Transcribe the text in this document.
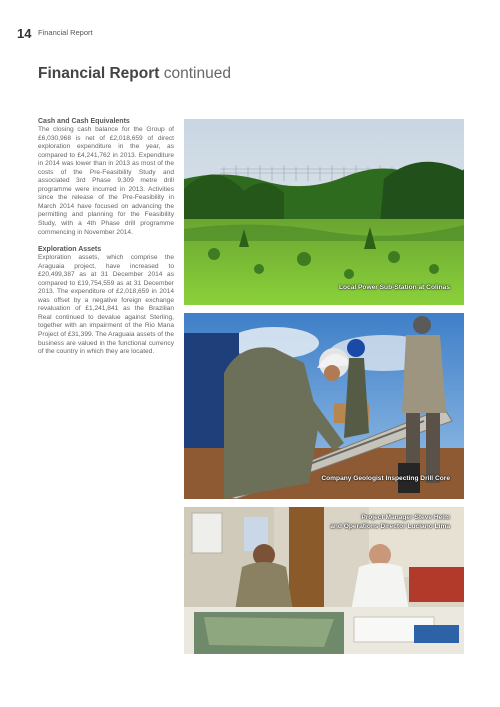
14 Financial Report
Financial Report continued
Cash and Cash Equivalents

The closing cash balance for the Group of £6,030,968 is net of £2,018,659 of direct exploration expenditure in the year, as compared to £4,241,762 in 2013. Expenditure in 2014 was lower than in 2013 as most of the costs of the Pre-Feasibility Study and associated 3rd Phase 9,309 metre drill programme were incurred in 2013. Activities since the release of the Pre-Feasibility in March 2014 have focused on advancing the permitting and planning for the Feasibility Study, with a 4th Phase drill programme commencing in November 2014.

Exploration Assets

Exploration assets, which comprise the Araguaia project, have increased to £20,499,387 as at 31 December 2014 as compared to £19,754,559 as at 31 December 2013. The expenditure of £2,018,659 in 2014 was offset by a negative foreign exchange revaluation of £1,241,841 as the Brazilian Real continued to devalue against Sterling, together with an impairment of the Rio Mana Project of £31,399. The Araguaia assets of the business are valued in the functional currency of the country in which they are located.

Local Power Sub-Station at Colinas
Company Geologist Inspecting Drill Core
Project Manager Steve Heim
and Operations Director Luciano Lima
